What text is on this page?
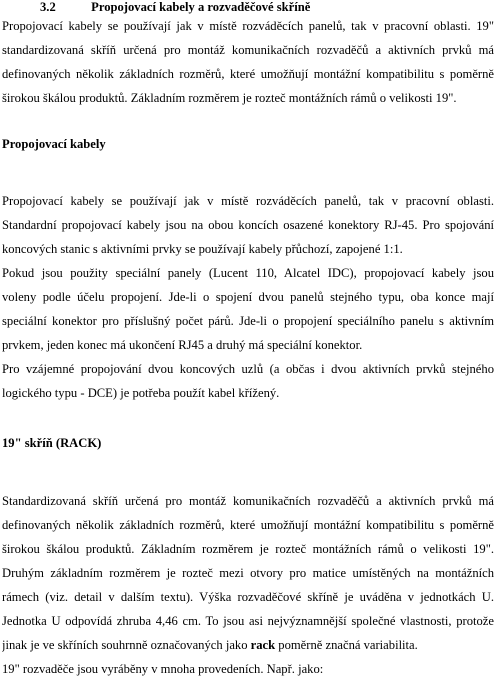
3.2	Propojovací kabely a rozvaděčové skříně
Propojovací kabely se používají jak v místě rozváděcích panelů, tak v pracovní oblasti. 19"
standardizovaná skříň určená pro montáž komunikačních rozvaděčů a aktivních prvků má
definovaných několik základních rozměrů, které umožňují montážní kompatibilitu s poměrně
širokou škálou produktů. Základním rozměrem je rozteč montážních rámů o velikosti 19".
Propojovací kabely
Propojovací kabely se používají jak v místě rozváděcích panelů, tak v pracovní oblasti.
Standardní propojovací kabely jsou na obou koncích osazené konektory RJ-45. Pro spojování
koncových stanic s aktivními prvky se používají kabely přůchozí, zapojené 1:1.
Pokud jsou použity speciální panely (Lucent 110, Alcatel IDC), propojovací kabely jsou
voleny podle účelu propojení. Jde-li o spojení dvou panelů stejného typu, oba konce mají
speciální konektor pro příslušný počet párů. Jde-li o propojení speciálního panelu s aktivním
prvkem, jeden konec má ukončení RJ45 a druhý má speciální konektor.
Pro vzájemné propojování dvou koncových uzlů (a občas i dvou aktivních prvků stejného
logického typu - DCE) je potřeba použít kabel křížený.
19" skříň (RACK)
Standardizovaná skříň určená pro montáž komunikačních rozvaděčů a aktivních prvků má
definovaných několik základních rozměrů, které umožňují montážní kompatibilitu s poměrně
širokou škálou produktů. Základním rozměrem je rozteč montážních rámů o velikosti 19".
Druhým základním rozměrem je rozteč mezi otvory pro matice umístěných na montážních
rámech (viz. detail v dalším textu). Výška rozvaděčové skříně je uváděna v jednotkách U.
Jednotka U odpovídá zhruba 4,46 cm. To jsou asi nejvýznamnější společné vlastnosti, protože
jinak je ve skříních souhrnně označovaných jako rack poměrně značná variabilita.
19" rozvaděče jsou vyráběny v mnoha provedeních. Např. jako:
